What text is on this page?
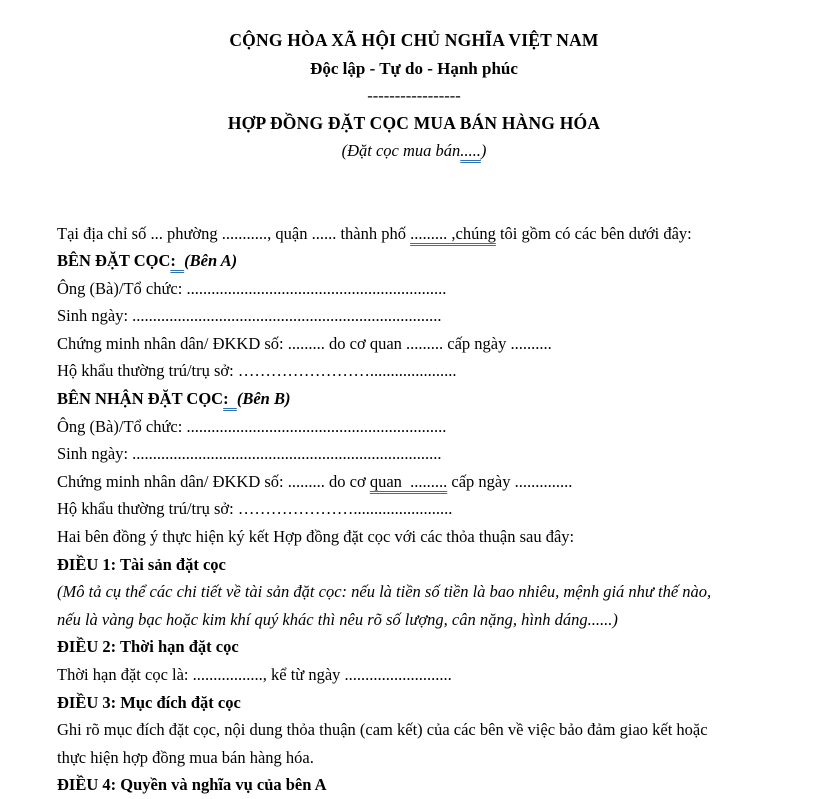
CỘNG HÒA XÃ HỘI CHỦ NGHĨA VIỆT NAM
Độc lập - Tự do - Hạnh phúc
-----------------
HỢP ĐỒNG ĐẶT CỌC MUA BÁN HÀNG HÓA
(Đặt cọc mua bán.....)
Tại địa chỉ số ... phường ..........., quận ...... thành phố ......... ,chúng tôi gồm có các bên dưới đây:
BÊN ĐẶT CỌC:  (Bên A)
Ông (Bà)/Tổ chức: ...............................................................
Sinh ngày: ...........................................................................
Chứng minh nhân dân/ ĐKKD số: ......... do cơ quan ......... cấp ngày ..........
Hộ khẩu thường trú/trụ sở: …………………….....................
BÊN NHẬN ĐẶT CỌC:  (Bên B)
Ông (Bà)/Tổ chức: ...............................................................
Sinh ngày: ...........................................................................
Chứng minh nhân dân/ ĐKKD số: ......... do cơ quan  ......... cấp ngày ..............
Hộ khẩu thường trú/trụ sở: …………………........................
Hai bên đồng ý thực hiện ký kết Hợp đồng đặt cọc với các thỏa thuận sau đây:
ĐIỀU 1: Tài sản đặt cọc
(Mô tả cụ thể các chi tiết về tài sản đặt cọc: nếu là tiền số tiền là bao nhiêu, mệnh giá như thế nào,
nếu là vàng bạc hoặc kim khí quý khác thì nêu rõ số lượng, cân nặng, hình dáng......)
ĐIỀU 2: Thời hạn đặt cọc
Thời hạn đặt cọc là: ................., kể từ ngày ..........................
ĐIỀU 3: Mục đích đặt cọc
Ghi rõ mục đích đặt cọc, nội dung thỏa thuận (cam kết) của các bên về việc bảo đảm giao kết hoặc
thực hiện hợp đồng mua bán hàng hóa.
ĐIỀU 4: Quyền và nghĩa vụ của bên A
